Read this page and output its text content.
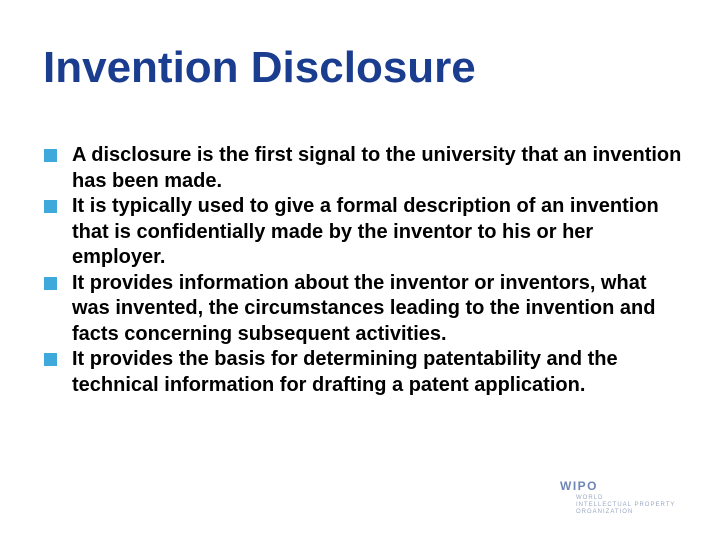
Invention Disclosure
A disclosure is the first signal to the university that an invention has been made.
It is typically used to give a formal description of an invention that is confidentially made by the inventor to his or her employer.
It provides information about the inventor or inventors, what was invented, the circumstances leading to the invention and facts concerning subsequent activities.
It provides the basis for determining patentability and the technical information for drafting a patent application.
WIPO
WORLD
INTELLECTUAL PROPERTY
ORGANIZATION
